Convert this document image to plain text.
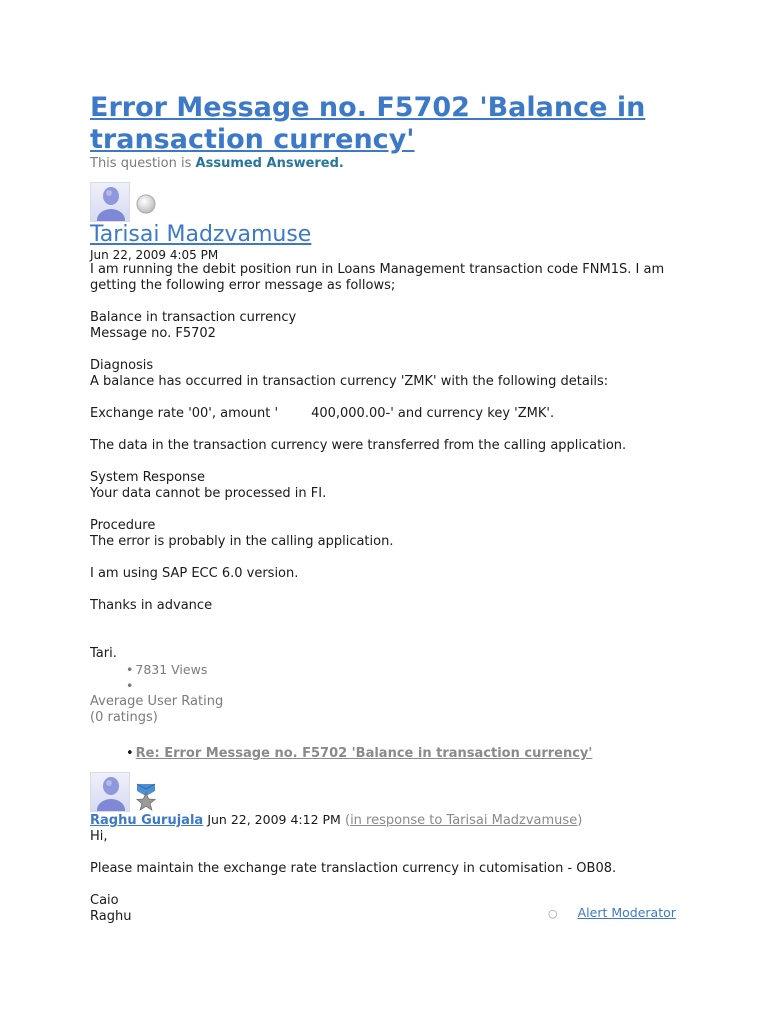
Error Message no. F5702 'Balance in transaction currency'

This question is Assumed Answered.

Tarisai Madzvamuse
Jun 22, 2009 4:05 PM

I am running the debit position run in Loans Management transaction code FNM1S. I am
getting the following error message as follows;

Balance in transaction currency
Message no. F5702

Diagnosis
A balance has occurred in transaction currency 'ZMK' with the following details:

Exchange rate '00', amount '        400,000.00-' and currency key 'ZMK'.

The data in the transaction currency were transferred from the calling application.

System Response
Your data cannot be processed in FI.

Procedure
The error is probably in the calling application.

I am using SAP ECC 6.0 version.

Thanks in advance

Tari.

• 7831 Views
•
Average User Rating
(0 ratings)
• Re: Error Message no. F5702 'Balance in transaction currency'
Raghu Gurujala Jun 22, 2009 4:12 PM (in response to Tarisai Madzvamuse)

Hi,

Please maintain the exchange rate translaction currency in cutomisation - OB08.

Caio
Raghu	○ Alert Moderator
